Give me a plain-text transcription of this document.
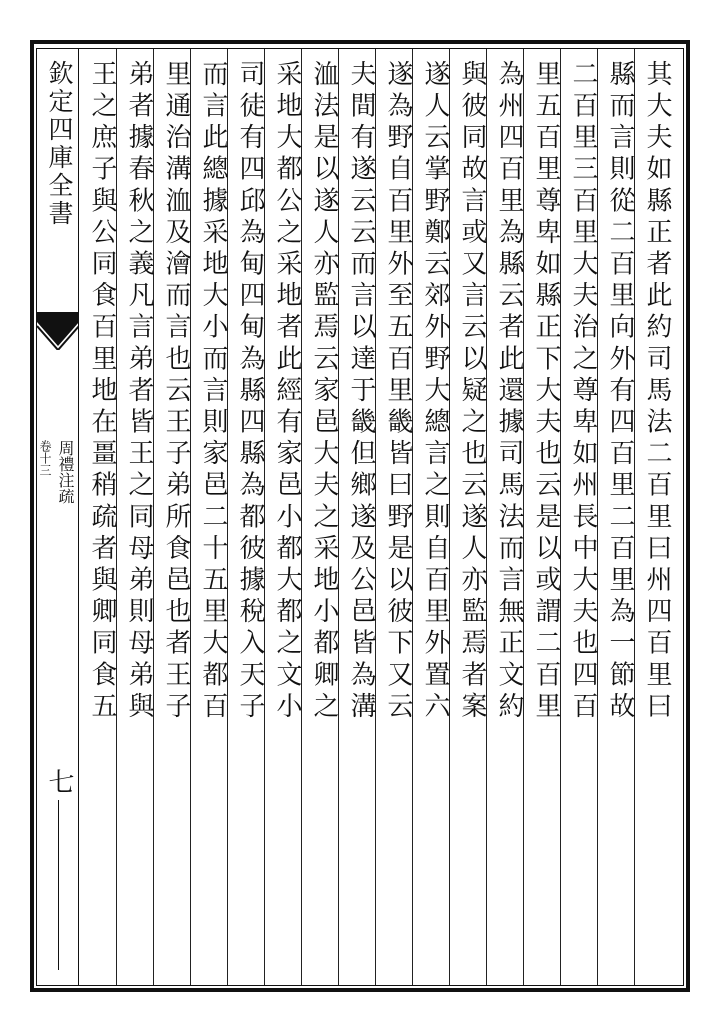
欽定四庫全書
周禮注疏
卷十三
七
其大夫如縣正者此約司馬法二百里曰州四百里曰
縣而言則從二百里向外有四百里二百里為一節故
二百里三百里大夫治之尊卑如州長中大夫也四百
里五百里尊卑如縣正下大夫也云是以或謂二百里
為州四百里為縣云者此還據司馬法而言無正文約
與彼同故言或又言云以疑之也云遂人亦監焉者案
遂人云掌野鄭云郊外野大總言之則自百里外置六
遂為野自百里外至五百里畿皆曰野是以彼下又云
夫間有遂云云而言以達于畿但鄉遂及公邑皆為溝
洫法是以遂人亦監焉云家邑大夫之采地小都卿之
采地大都公之采地者此經有家邑小都大都之文小
司徒有四邱為甸四甸為縣四縣為都彼據稅入天子
而言此總據采地大小而言則家邑二十五里大都百
里通治溝洫及澮而言也云王子弟所食邑也者王子
弟者據春秋之義凡言弟者皆王之同母弟則母弟與
王之庶子與公同食百里地在畺稍疏者與卿同食五
